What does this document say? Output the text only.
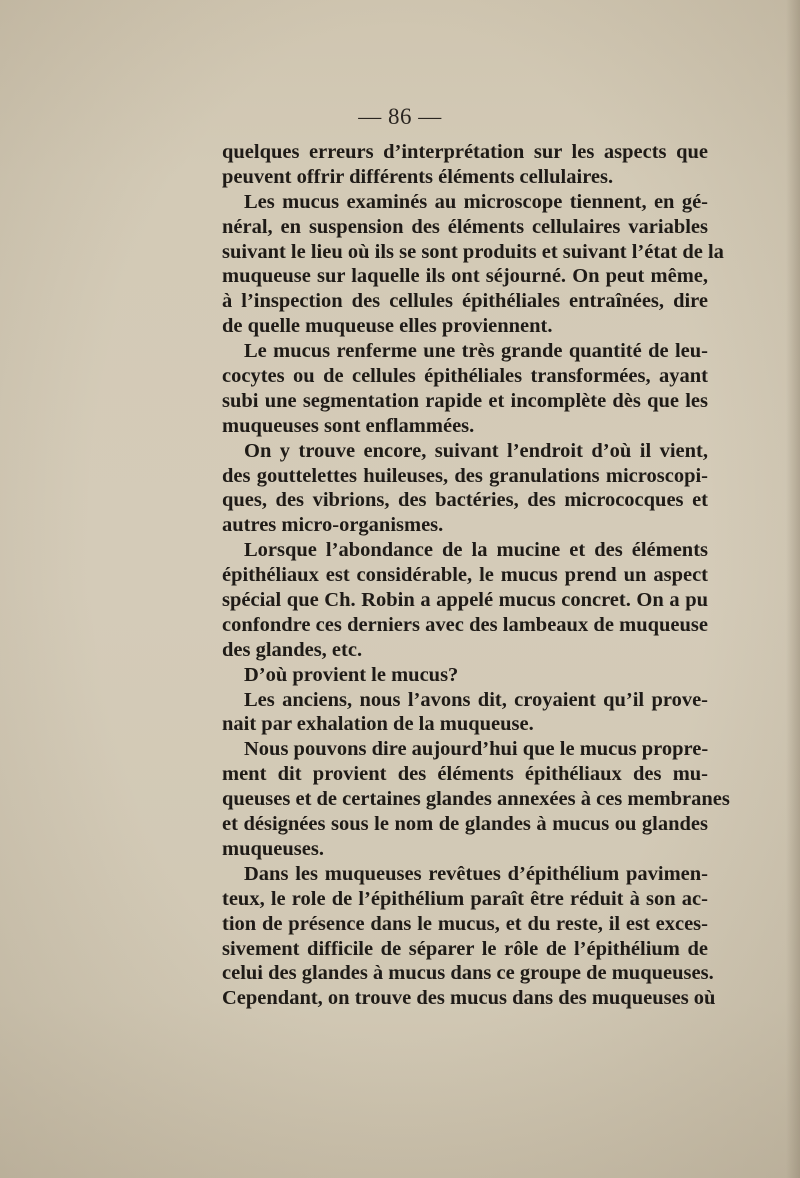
— 86 —
quelques erreurs d’interprétation sur les aspects que
peuvent offrir différents éléments cellulaires.
Les mucus examinés au microscope tiennent, en gé-
néral, en suspension des éléments cellulaires variables
suivant le lieu où ils se sont produits et suivant l’état de la
muqueuse sur laquelle ils ont séjourné. On peut même,
à l’inspection des cellules épithéliales entraînées, dire
de quelle muqueuse elles proviennent.
Le mucus renferme une très grande quantité de leu-
cocytes ou de cellules épithéliales transformées, ayant
subi une segmentation rapide et incomplète dès que les
muqueuses sont enflammées.
On y trouve encore, suivant l’endroit d’où il vient,
des gouttelettes huileuses, des granulations microscopi-
ques, des vibrions, des bactéries, des micrococques et
autres micro-organismes.
Lorsque l’abondance de la mucine et des éléments
épithéliaux est considérable, le mucus prend un aspect
spécial que Ch. Robin a appelé mucus concret. On a pu
confondre ces derniers avec des lambeaux de muqueuse
des glandes, etc.
D’où provient le mucus?
Les anciens, nous l’avons dit, croyaient qu’il prove-
nait par exhalation de la muqueuse.
Nous pouvons dire aujourd’hui que le mucus propre-
ment dit provient des éléments épithéliaux des mu-
queuses et de certaines glandes annexées à ces membranes
et désignées sous le nom de glandes à mucus ou glandes
muqueuses.
Dans les muqueuses revêtues d’épithélium pavimen-
teux, le role de l’épithélium paraît être réduit à son ac-
tion de présence dans le mucus, et du reste, il est exces-
sivement difficile de séparer le rôle de l’épithélium de
celui des glandes à mucus dans ce groupe de muqueuses.
Cependant, on trouve des mucus dans des muqueuses où
